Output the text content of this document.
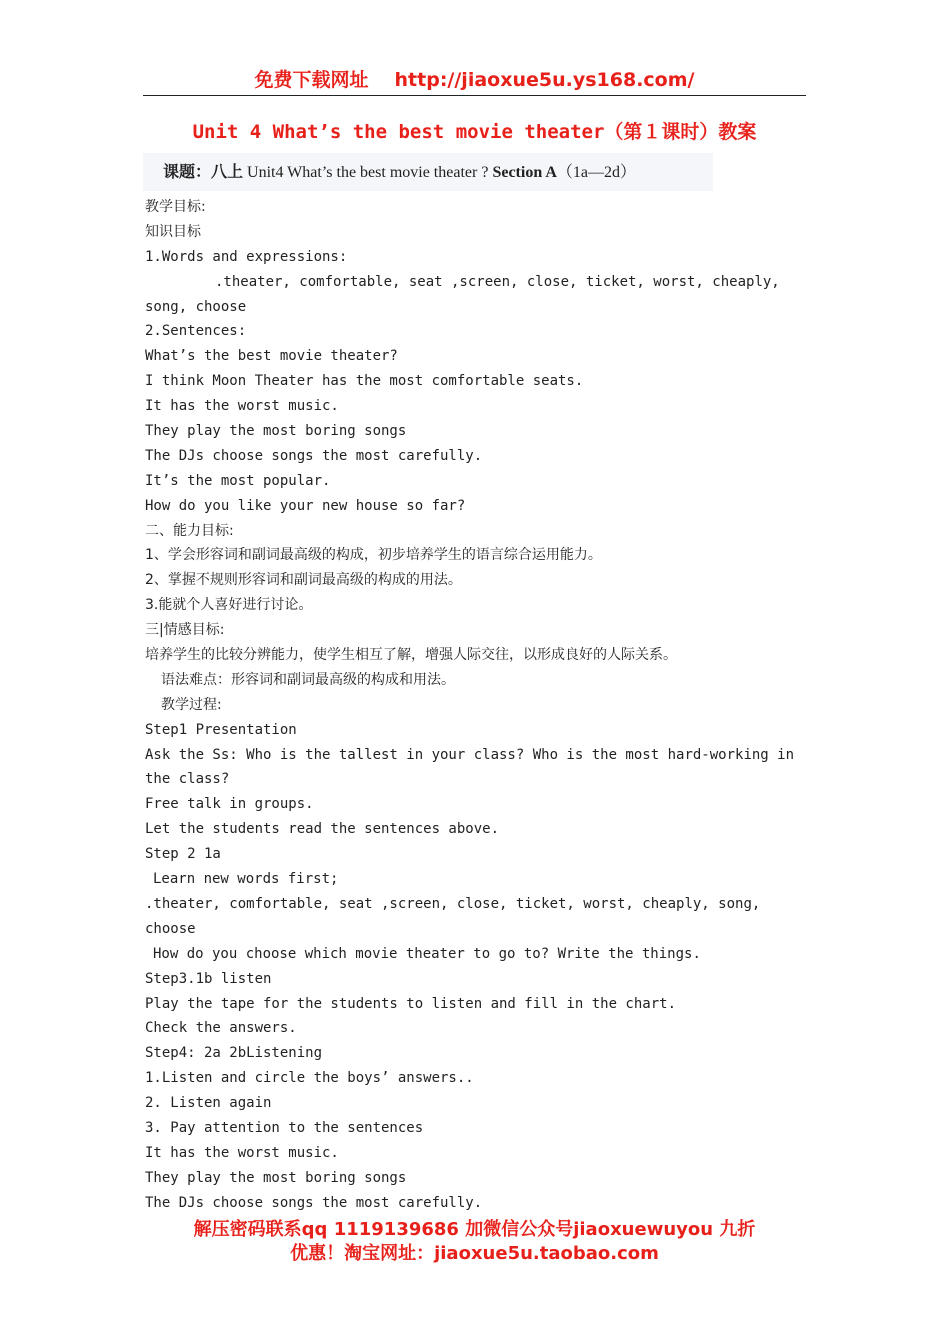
免费下载网址 http://jiaoxue5u.ys168.com/
Unit 4 What’s the best movie theater（第１课时）教案
课题：八上 Unit4 What’s the best movie theater ? Section A（1a—2d）
教学目标:
知识目标
1.Words and expressions:
.theater, comfortable, seat ,screen, close, ticket, worst, cheaply,
song, choose
2.Sentences:
What’s the best movie theater?
I think Moon Theater has the most comfortable seats.
It has the worst music.
They play the most boring songs
The DJs choose songs the most carefully.
It’s the most popular.
How do you like your new house so far?
二、能力目标:
1、学会形容词和副词最高级的构成，初步培养学生的语言综合运用能力。
2、掌握不规则形容词和副词最高级的构成的用法。
3.能就个人喜好进行讨论。
三|情感目标:
培养学生的比较分辨能力，使学生相互了解，增强人际交往，以形成良好的人际关系。
语法难点：形容词和副词最高级的构成和用法。
教学过程:
Step1 Presentation
Ask the Ss: Who is the tallest in your class? Who is the most hard-working in
the class?
Free talk in groups.
Let the students read the sentences above.
Step 2 1a
Learn new words first;
.theater, comfortable, seat ,screen, close, ticket, worst, cheaply, song,
choose
How do you choose which movie theater to go to? Write the things.
Step3.1b listen
Play the tape for the students to listen and fill in the chart.
Check the answers.
Step4: 2a 2bListening
1.Listen and circle the boys’ answers..
2. Listen again
3. Pay attention to the sentences
It has the worst music.
They play the most boring songs
The DJs choose songs the most carefully.
解压密码联系qq 1119139686 加微信公众号jiaoxuewuyou 九折
优惠！淘宝网址：jiaoxue5u.taobao.com
